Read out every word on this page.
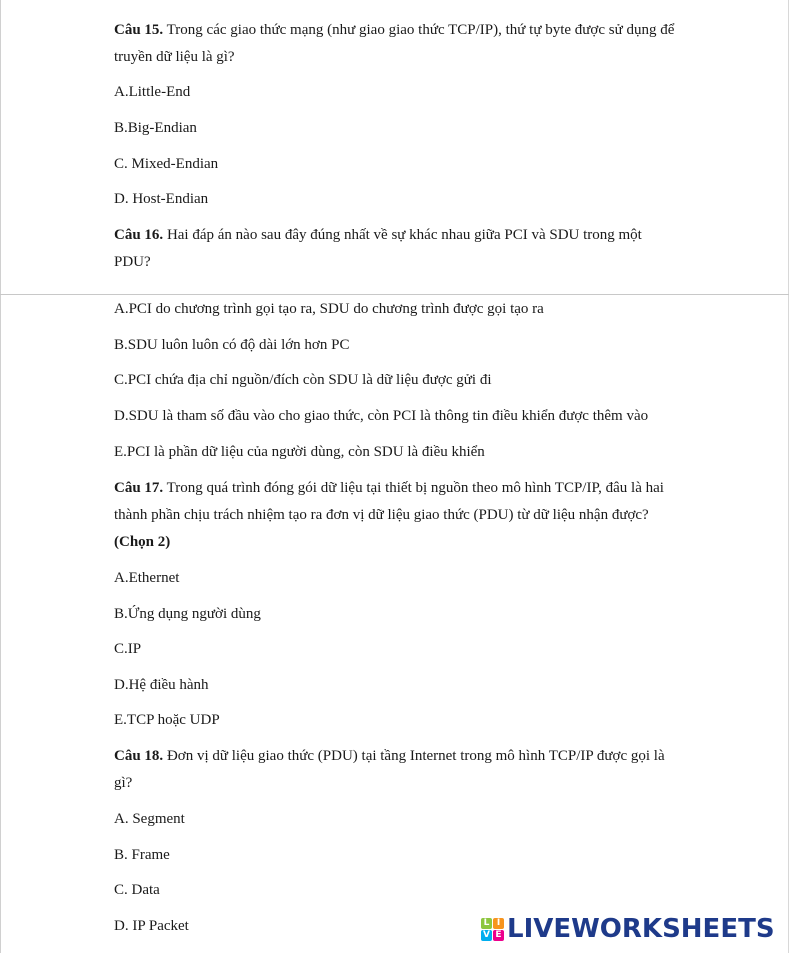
Câu 15. Trong các giao thức mạng (như giao giao thức TCP/IP), thứ tự byte được sử dụng để
truyền dữ liệu là gì?
A.Little-End
B.Big-Endian
C. Mixed-Endian
D. Host-Endian
Câu 16. Hai đáp án nào sau đây đúng nhất về sự khác nhau giữa PCI và SDU trong một
PDU?
A.PCI do chương trình gọi tạo ra, SDU do chương trình được gọi tạo ra
B.SDU luôn luôn có độ dài lớn hơn PC
C.PCI chứa địa chỉ nguồn/đích còn SDU là dữ liệu được gửi đi
D.SDU là tham số đầu vào cho giao thức, còn PCI là thông tin điều khiển được thêm vào
E.PCI là phần dữ liệu của người dùng, còn SDU là điều khiển
Câu 17. Trong quá trình đóng gói dữ liệu tại thiết bị nguồn theo mô hình TCP/IP, đâu là hai
thành phần chịu trách nhiệm tạo ra đơn vị dữ liệu giao thức (PDU) từ dữ liệu nhận được?
(Chọn 2)
A.Ethernet
B.Ứng dụng người dùng
C.IP
D.Hệ điều hành
E.TCP hoặc UDP
Câu 18. Đơn vị dữ liệu giao thức (PDU) tại tầng Internet trong mô hình TCP/IP được gọi là
gì?
A. Segment
B. Frame
C. Data
D. IP Packet	L I
V E LIVEWORKSHEETS
